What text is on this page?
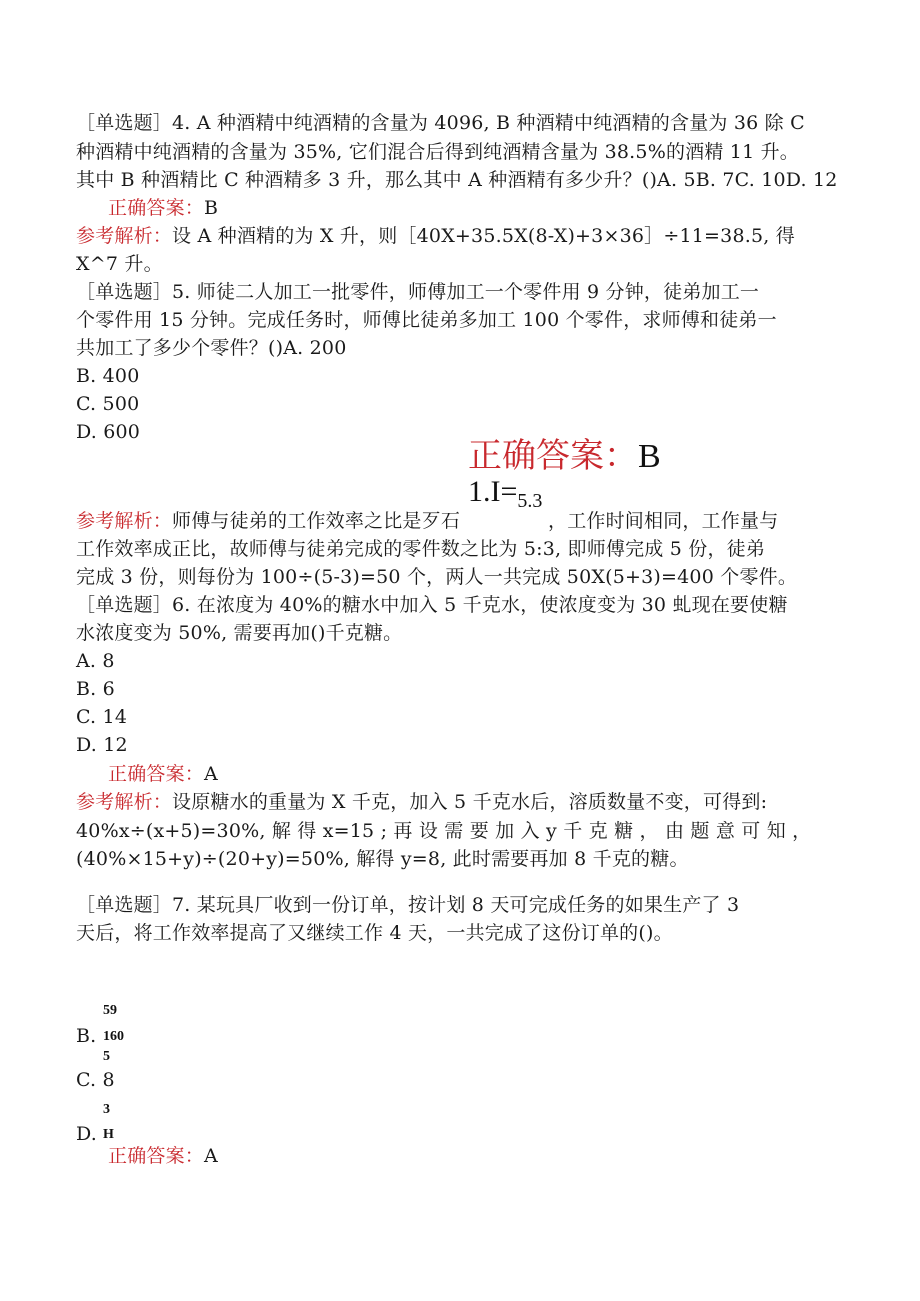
［单选题］4. A 种酒精中纯酒精的含量为 4096, B 种酒精中纯酒精的含量为 36 除 C
种酒精中纯酒精的含量为 35%, 它们混合后得到纯酒精含量为 38.5%的酒精 11 升。
其中 B 种酒精比 C 种酒精多 3 升，那么其中 A 种酒精有多少升？()A. 5B. 7C. 10D. 12
正确答案：B
参考解析：设 A 种酒精的为 X 升，则［40X+35.5X(8-X)+3×36］÷11=38.5, 得
X^7 升。
［单选题］5. 师徒二人加工一批零件，师傅加工一个零件用 9 分钟，徒弟加工一
个零件用 15 分钟。完成任务时，师傅比徒弟多加工 100 个零件，求师傅和徒弟一
共加工了多少个零件？()A. 200
B. 400
C. 500
D. 600
正确答案：B
$1.I=_{5.3}$
参考解析：师傅与徒弟的工作效率之比是歹石	，工作时间相同，工作量与
工作效率成正比，故师傅与徒弟完成的零件数之比为 5:3, 即师傅完成 5 份，徒弟
完成 3 份，则每份为 100÷(5-3)=50 个，两人一共完成 50X(5+3)=400 个零件。
［单选题］6. 在浓度为 40%的糖水中加入 5 千克水，使浓度变为 30 虬现在要使糖
水浓度变为 50%, 需要再加()千克糖。
A. 8
B. 6
C. 14
D. 12
正确答案：A
参考解析：设原糖水的重量为 X 千克，加入 5 千克水后，溶质数量不变，可得到:
40%x÷(x+5)=30%, 解 得 x=15 ; 再 设 需 要 加 入 y 千 克 糖 ， 由 题 意 可 知 ，
(40%×15+y)÷(20+y)=50%, 解得 y=8, 此时需要再加 8 千克的糖。
［单选题］7. 某玩具厂收到一份订单，按计划 8 天可完成任务的如果生产了 3
天后，将工作效率提高了又继续工作 4 天，一共完成了这份订单的()。
59
B. 160
5
C. 8
3
D. H
正确答案：A
